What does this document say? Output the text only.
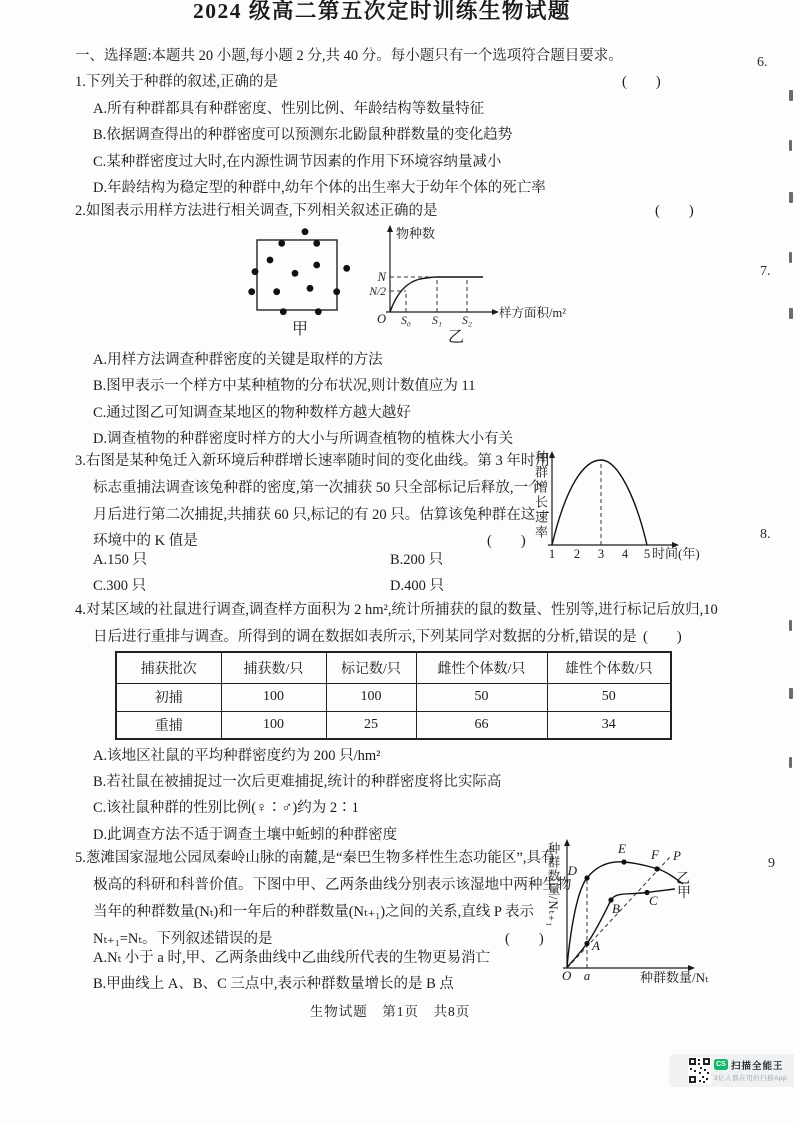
2024 级高二第五次定时训练生物试题
一、选择题:本题共 20 小题,每小题 2 分,共 40 分。每小题只有一个选项符合题目要求。
1.下列关于种群的叙述,正确的是	(　　)
A.所有种群都具有种群密度、性别比例、年龄结构等数量特征
B.依据调查得出的种群密度可以预测东北鼢鼠种群数量的变化趋势
C.某种群密度过大时,在内源性调节因素的作用下环境容纳量减小
D.年龄结构为稳定型的种群中,幼年个体的出生率大于幼年个体的死亡率
2.如图表示用样方法进行相关调查,下列相关叙述正确的是	(　　)
甲
物种数
N
N/2
O S₀ S₁ S₂
样方面积/m²
乙
A.用样方法调查种群密度的关键是取样的方法
B.图甲表示一个样方中某种植物的分布状况,则计数值应为 11
C.通过图乙可知调查某地区的物种数样方越大越好
D.调查植物的种群密度时样方的大小与所调查植物的植株大小有关
3.右图是某种兔迁入新环境后种群增长速率随时间的变化曲线。第 3 年时用
标志重捕法调查该兔种群的密度,第一次捕获 50 只全部标记后释放,一个
月后进行第二次捕捉,共捕获 60 只,标记的有 20 只。估算该兔种群在这一
环境中的 K 值是	(　　)
种群增长速率
1 2 3 4 5 时间(年)
A.150 只	B.200 只
C.300 只	D.400 只
4.对某区域的社鼠进行调查,调查样方面积为 2 hm²,统计所捕获的鼠的数量、性别等,进行标记后放归,10
日后进行重排与调查。所得到的调在数据如表所示,下列某同学对数据的分析,错误的是 (　　)
捕获批次	捕获数/只	标记数/只	雌性个体数/只	雄性个体数/只
初捕	100	100	50	50
重捕	100	25	66	34
A.该地区社鼠的平均种群密度约为 200 只/hm²
B.若社鼠在被捕捉过一次后更难捕捉,统计的种群密度将比实际高
C.该社鼠种群的性别比例(♀∶♂)约为 2∶1
D.此调查方法不适于调查土壤中蚯蚓的种群密度
5.葱滩国家湿地公园凤秦岭山脉的南麓,是“秦巴生物多样性生态功能区”,具有
极高的科研和科普价值。下图中甲、乙两条曲线分别表示该湿地中两种生物
当年的种群数量(Nₜ)和一年后的种群数量(Nₜ₊₁)之间的关系,直线 P 表示
Nₜ₊₁=Nₜ。下列叙述错误的是	(　　)
A.Nₜ 小于 a 时,甲、乙两条曲线中乙曲线所代表的生物更易消亡
B.甲曲线上 A、B、C 三点中,表示种群数量增长的是 B 点
种群数量/Nₜ₊₁
A
B
C
D
E F P
乙
甲
O a	种群数量/Nₜ
生物试题　第1页　共8页
6.
7.
8.
9
CS 扫描全能王
3亿人都在用的扫描App
